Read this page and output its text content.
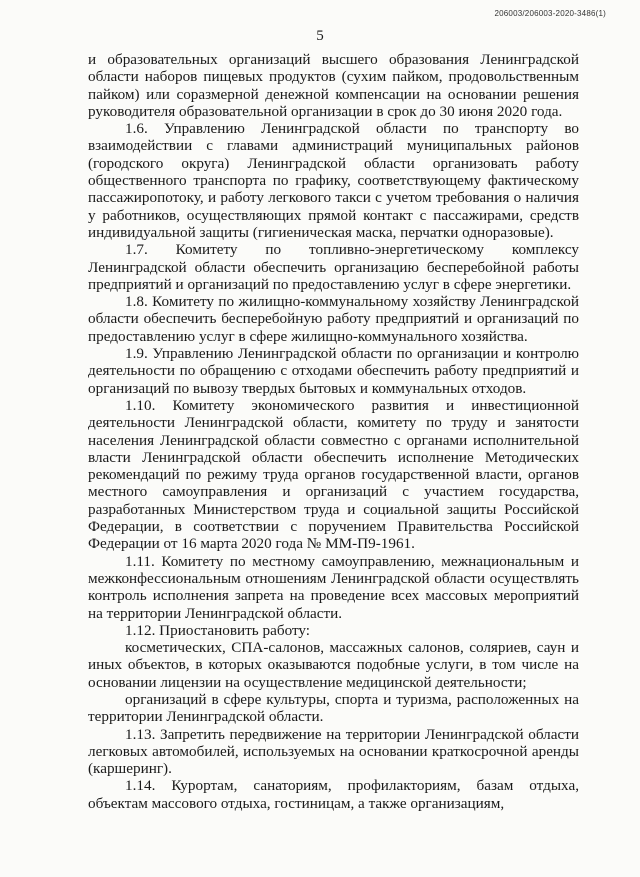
206003/206003-2020-3486(1)
5

и образовательных организаций высшего образования Ленинградской области наборов пищевых продуктов (сухим пайком, продовольственным пайком) или соразмерной денежной компенсации на основании решения руководителя образовательной организации в срок до 30 июня 2020 года.

1.6. Управлению Ленинградской области по транспорту во взаимодействии с главами администраций муниципальных районов (городского округа) Ленинградской области организовать работу общественного транспорта по графику, соответствующему фактическому пассажиропотоку, и работу легкового такси с учетом требования о наличия у работников, осуществляющих прямой контакт с пассажирами, средств индивидуальной защиты (гигиеническая маска, перчатки одноразовые).

1.7. Комитету по топливно-энергетическому комплексу Ленинградской области обеспечить организацию бесперебойной работы предприятий и организаций по предоставлению услуг в сфере энергетики.

1.8. Комитету по жилищно-коммунальному хозяйству Ленинградской области обеспечить бесперебойную работу предприятий и организаций по предоставлению услуг в сфере жилищно-коммунального хозяйства.

1.9. Управлению Ленинградской области по организации и контролю деятельности по обращению с отходами обеспечить работу предприятий и организаций по вывозу твердых бытовых и коммунальных отходов.

1.10. Комитету экономического развития и инвестиционной деятельности Ленинградской области, комитету по труду и занятости населения Ленинградской области совместно с органами исполнительной власти Ленинградской области обеспечить исполнение Методических рекомендаций по режиму труда органов государственной власти, органов местного самоуправления и организаций с участием государства, разработанных Министерством труда и социальной защиты Российской Федерации, в соответствии с поручением Правительства Российской Федерации от 16 марта 2020 года № ММ-П9-1961.

1.11. Комитету по местному самоуправлению, межнациональным и межконфессиональным отношениям Ленинградской области осуществлять контроль исполнения запрета на проведение всех массовых мероприятий на территории Ленинградской области.

1.12. Приостановить работу:

косметических, СПА-салонов, массажных салонов, соляриев, саун и иных объектов, в которых оказываются подобные услуги, в том числе на основании лицензии на осуществление медицинской деятельности;

организаций в сфере культуры, спорта и туризма, расположенных на территории Ленинградской области.

1.13. Запретить передвижение на территории Ленинградской области легковых автомобилей, используемых на основании краткосрочной аренды (каршеринг).

1.14. Курортам, санаториям, профилакториям, базам отдыха, объектам массового отдыха, гостиницам, а также организациям,
